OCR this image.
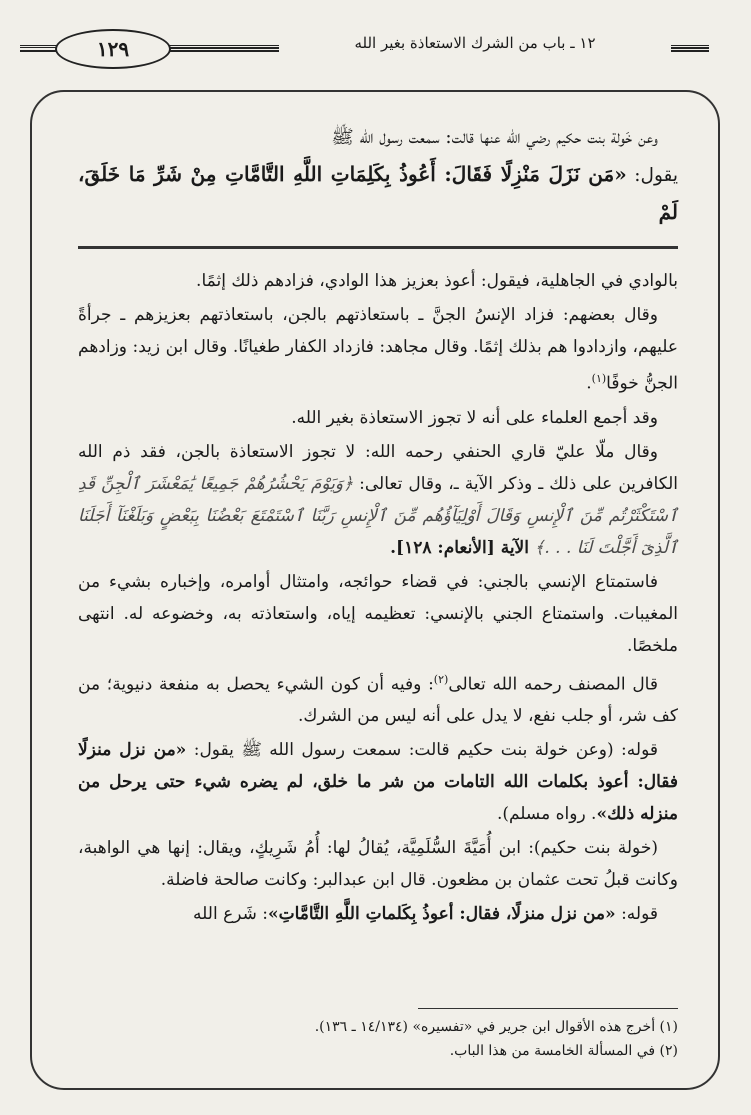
١٢٩	١٢ ـ باب من الشرك الاستعاذة بغير الله
وعن خَولة بنت حكيم رضي الله عنها قالت: سمعت رسول الله ﷺ
يقول: «مَن نَزَلَ مَنْزِلًا فَقَالَ: أَعُوذُ بِكَلِمَاتِ اللَّهِ التَّامَّاتِ مِنْ شَرِّ مَا خَلَقَ، لَمْ

بالوادي في الجاهلية، فيقول: أعوذ بعزيز هذا الوادي، فزادهم ذلك إثمًا.

وقال بعضهم: فزاد الإنسُ الجنَّ ـ باستعاذتهم بالجن، باستعاذتهم بعزيزهم ـ جرأةً عليهم، وازدادوا هم بذلك إثمًا. وقال مجاهد: فازداد الكفار طغيانًا. وقال ابن زيد: وزادهم الجنُّ خوفًا$^{(١)}$.

وقد أجمع العلماء على أنه لا تجوز الاستعاذة بغير الله.

وقال ملّا عليّ قاري الحنفي رحمه الله: لا تجوز الاستعاذة بالجن، فقد ذم الله الكافرين على ذلك ـ وذكر الآية ـ، وقال تعالى: ﴿وَيَوْمَ يَحْشُرُهُمْ جَمِيعًا يَٰمَعْشَرَ ٱلْجِنِّ قَدِ ٱسْتَكْثَرْتُم مِّنَ ٱلْإِنسِ وَقَالَ أَوْلِيَآؤُهُم مِّنَ ٱلْإِنسِ رَبَّنَا ٱسْتَمْتَعَ بَعْضُنَا بِبَعْضٍ وَبَلَغْنَآ أَجَلَنَا ٱلَّذِىٓ أَجَّلْتَ لَنَا . . .﴾ الآية [الأنعام: ١٢٨].

فاستمتاع الإنسي بالجني: في قضاء حوائجه، وامتثال أوامره، وإخباره بشيء من المغيبات. واستمتاع الجني بالإنسي: تعظيمه إياه، واستعاذته به، وخضوعه له. انتهى ملخصًا.

قال المصنف رحمه الله تعالى$^{(٢)}$: وفيه أن كون الشيء يحصل به منفعة دنيوية؛ من كف شر، أو جلب نفع، لا يدل على أنه ليس من الشرك.

قوله: (وعن خولة بنت حكيم قالت: سمعت رسول الله ﷺ يقول: «من نزل منزلًا فقال: أعوذ بكلمات الله التامات من شر ما خلق، لم يضره شيء حتى يرحل من منزله ذلك». رواه مسلم).

(خولة بنت حكيم): ابن أُمَيَّةَ السُّلَمِيَّة، يُقالُ لها: أُمُ شَرِيكٍ، ويقال: إنها هي الواهبة، وكانت قبلُ تحت عثمان بن مظعون. قال ابن عبدالبر: وكانت صالحة فاضلة.

قوله: «من نزل منزلًا، فقال: أعوذُ بِكَلماتِ اللَّهِ التَّامَّاتِ»: شَرع الله

(١) أخرج هذه الأقوال ابن جرير في «تفسيره» (١٤/١٣٤ ـ ١٣٦).

(٢) في المسألة الخامسة من هذا الباب.
